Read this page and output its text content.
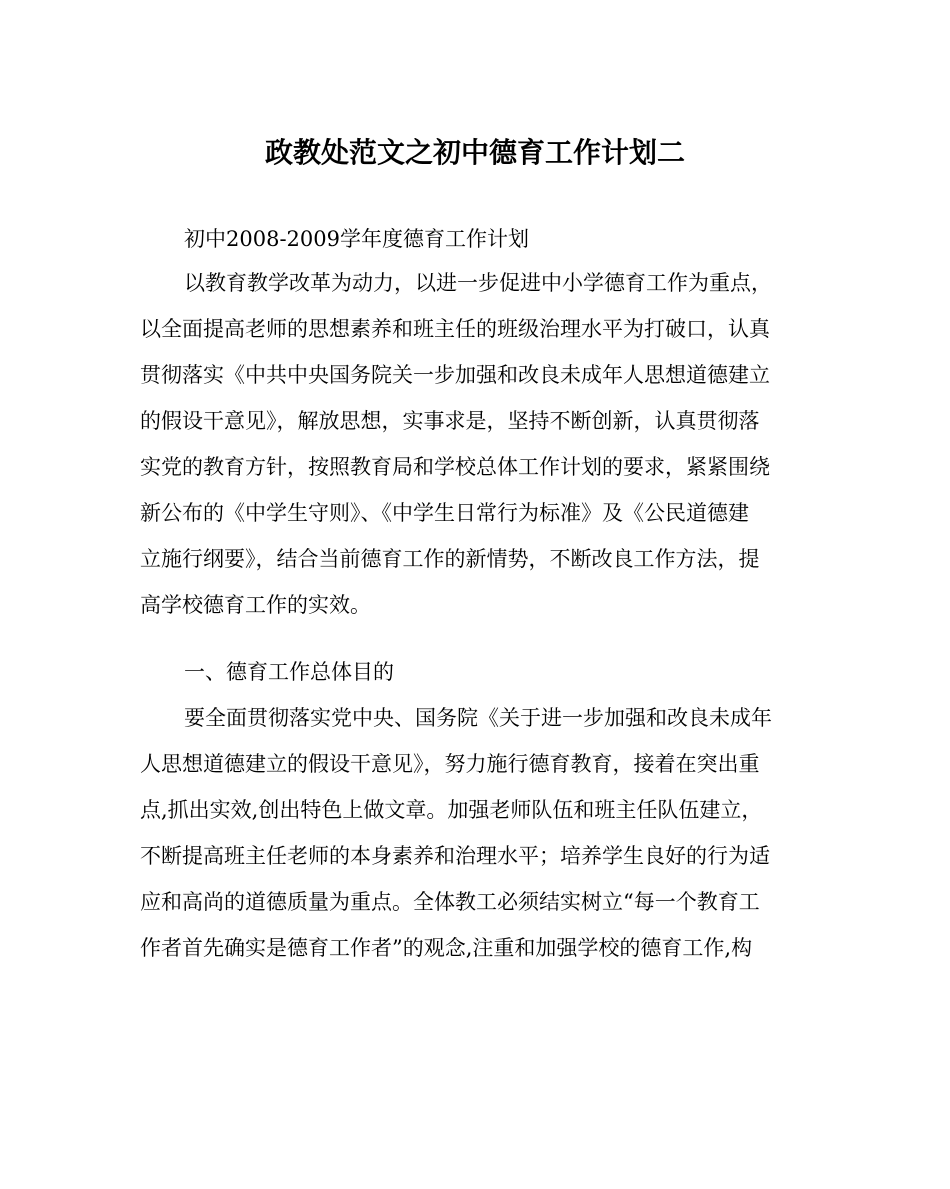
政教处范文之初中德育工作计划二

初中2008-2009学年度德育工作计划

以教育教学改革为动力，以进一步促进中小学德育工作为重点，

以全面提高老师的思想素养和班主任的班级治理水平为打破口，认真

贯彻落实《中共中央国务院关一步加强和改良未成年人思想道德建立

的假设干意见》，解放思想，实事求是，坚持不断创新，认真贯彻落

实党的教育方针，按照教育局和学校总体工作计划的要求，紧紧围绕

新公布的《中学生守则》、《中学生日常行为标准》及《公民道德建

立施行纲要》，结合当前德育工作的新情势，不断改良工作方法，提

高学校德育工作的实效。

一、德育工作总体目的

要全面贯彻落实党中央、国务院《关于进一步加强和改良未成年

人思想道德建立的假设干意见》，努力施行德育教育，接着在突出重

点,抓出实效,创出特色上做文章。加强老师队伍和班主任队伍建立，

不断提高班主任老师的本身素养和治理水平；培养学生良好的行为适

应和高尚的道德质量为重点。全体教工必须结实树立“每一个教育工

作者首先确实是德育工作者”的观念,注重和加强学校的德育工作,构
